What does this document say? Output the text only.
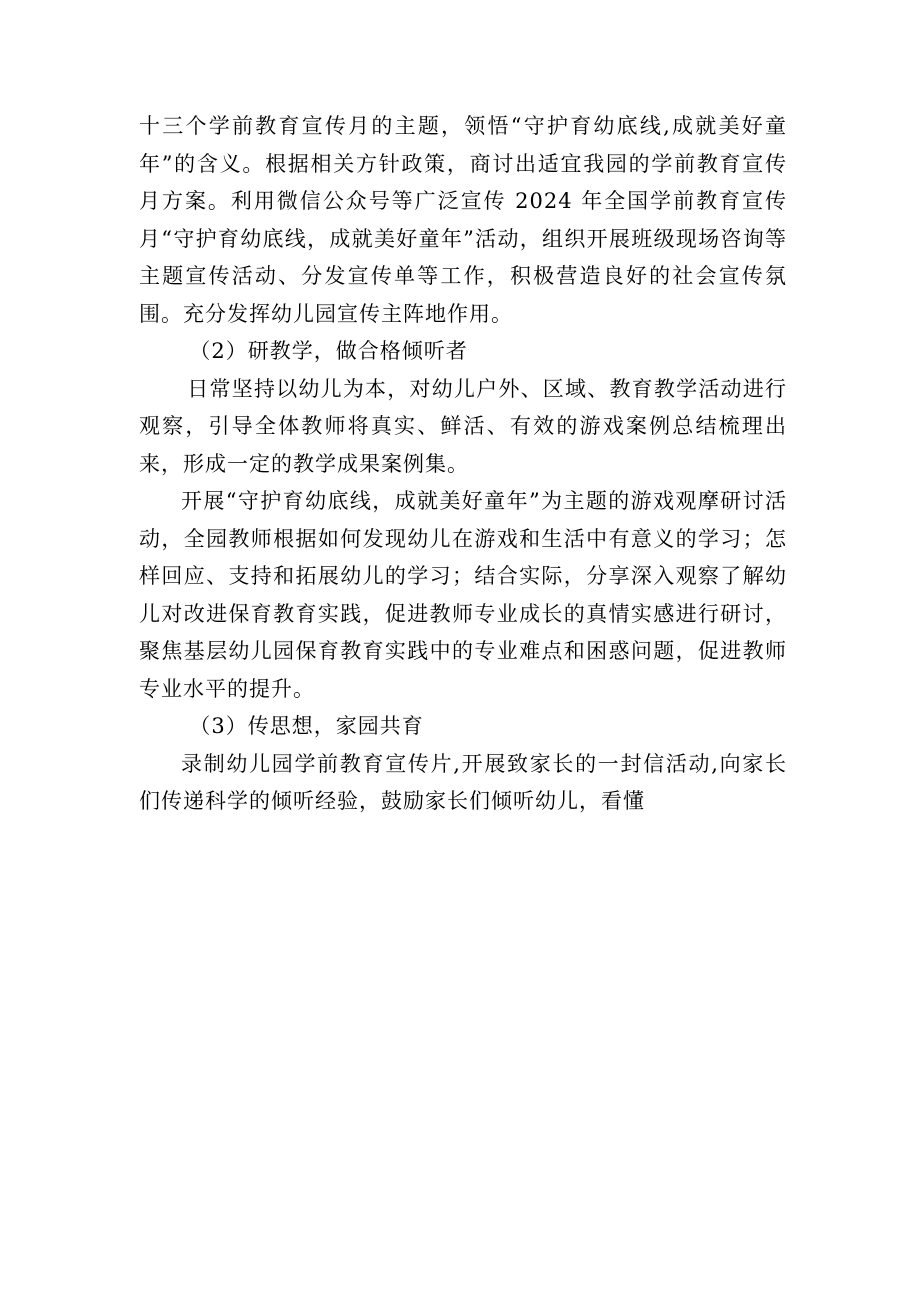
十三个学前教育宣传月的主题，领悟“守护育幼底线,成就美好童年”的含义。根据相关方针政策，商讨出适宜我园的学前教育宣传月方案。利用微信公众号等广泛宣传 2024 年全国学前教育宣传月“守护育幼底线，成就美好童年”活动，组织开展班级现场咨询等主题宣传活动、分发宣传单等工作，积极营造良好的社会宣传氛围。充分发挥幼儿园宣传主阵地作用。

（2）研教学，做合格倾听者

日常坚持以幼儿为本，对幼儿户外、区域、教育教学活动进行观察，引导全体教师将真实、鲜活、有效的游戏案例总结梳理出来，形成一定的教学成果案例集。

开展“守护育幼底线，成就美好童年”为主题的游戏观摩研讨活动，全园教师根据如何发现幼儿在游戏和生活中有意义的学习；怎样回应、支持和拓展幼儿的学习；结合实际，分享深入观察了解幼儿对改进保育教育实践，促进教师专业成长的真情实感进行研讨，聚焦基层幼儿园保育教育实践中的专业难点和困惑问题，促进教师专业水平的提升。

（3）传思想，家园共育

录制幼儿园学前教育宣传片,开展致家长的一封信活动,向家长们传递科学的倾听经验，鼓励家长们倾听幼儿，看懂
